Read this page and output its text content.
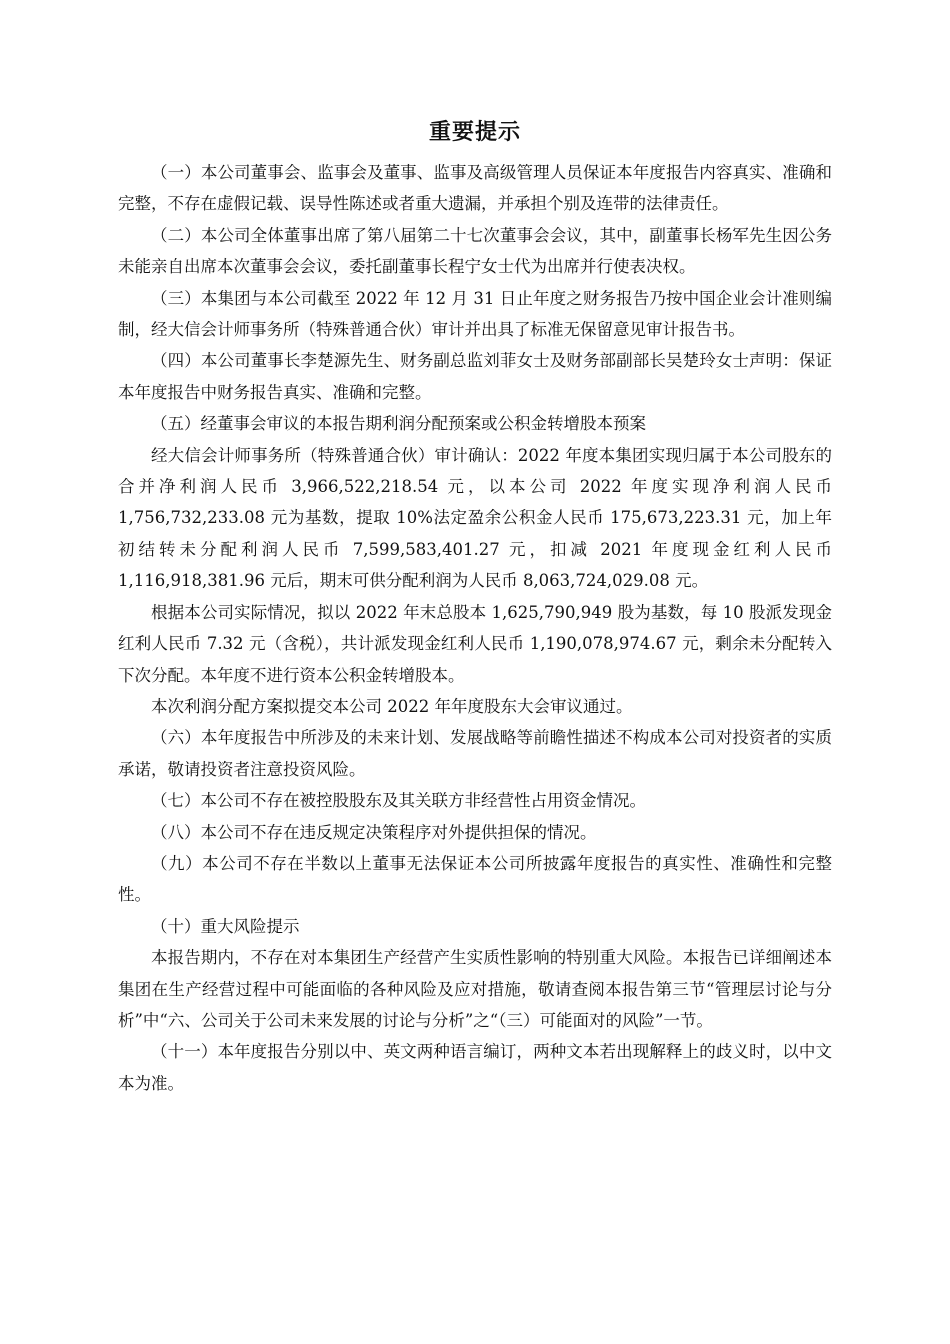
重要提示

（一）本公司董事会、监事会及董事、监事及高级管理人员保证本年度报告内容真实、准确和完整，不存在虚假记载、误导性陈述或者重大遗漏，并承担个别及连带的法律责任。

（二）本公司全体董事出席了第八届第二十七次董事会会议，其中，副董事长杨军先生因公务未能亲自出席本次董事会会议，委托副董事长程宁女士代为出席并行使表决权。

（三）本集团与本公司截至 2022 年 12 月 31 日止年度之财务报告乃按中国企业会计准则编制，经大信会计师事务所（特殊普通合伙）审计并出具了标准无保留意见审计报告书。

（四）本公司董事长李楚源先生、财务副总监刘菲女士及财务部副部长吴楚玲女士声明：保证本年度报告中财务报告真实、准确和完整。

（五）经董事会审议的本报告期利润分配预案或公积金转增股本预案

经大信会计师事务所（特殊普通合伙）审计确认：2022 年度本集团实现归属于本公司股东的合并净利润人民币 3,966,522,218.54 元，以本公司 2022 年度实现净利润人民币 1,756,732,233.08 元为基数，提取 10%法定盈余公积金人民币 175,673,223.31 元，加上年初结转未分配利润人民币 7,599,583,401.27 元，扣减 2021 年度现金红利人民币 1,116,918,381.96 元后，期末可供分配利润为人民币 8,063,724,029.08 元。

根据本公司实际情况，拟以 2022 年末总股本 1,625,790,949 股为基数，每 10 股派发现金红利人民币 7.32 元（含税），共计派发现金红利人民币 1,190,078,974.67 元，剩余未分配转入下次分配。本年度不进行资本公积金转增股本。

本次利润分配方案拟提交本公司 2022 年年度股东大会审议通过。

（六）本年度报告中所涉及的未来计划、发展战略等前瞻性描述不构成本公司对投资者的实质承诺，敬请投资者注意投资风险。

（七）本公司不存在被控股股东及其关联方非经营性占用资金情况。

（八）本公司不存在违反规定决策程序对外提供担保的情况。

（九）本公司不存在半数以上董事无法保证本公司所披露年度报告的真实性、准确性和完整性。

（十）重大风险提示

本报告期内，不存在对本集团生产经营产生实质性影响的特别重大风险。本报告已详细阐述本集团在生产经营过程中可能面临的各种风险及应对措施，敬请查阅本报告第三节“管理层讨论与分析”中“六、公司关于公司未来发展的讨论与分析”之“（三）可能面对的风险”一节。

（十一）本年度报告分别以中、英文两种语言编订，两种文本若出现解释上的歧义时，以中文本为准。
